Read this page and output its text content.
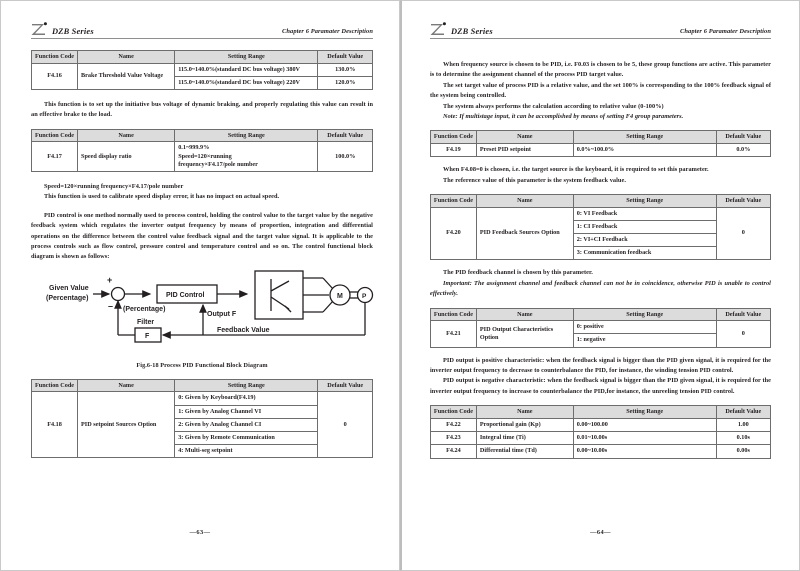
DZB Series	Chapter 6 Paramater Description
Function Code	Name	Setting Range	Default Value
F4.16	Brake Threshold Value Voltage	115.0~140.0%(standard DC bus voltage) 380V	130.0%
		115.0~140.0%(standard DC bus voltage) 220V	120.0%

This function is to set up the initiative bus voltage of dynamic braking, and properly regulating this value can result in an effective brake to the load.

Function Code	Name	Setting Range	Default Value
F4.17	Speed display ratio	0.1~999.9%
Speed=120×running
frequency×F4.17/pole number	100.0%

Speed=120×running frequency×F4.17/pole number

This function is used to calibrate speed display error, it has no impact on actual speed.

PID control is one method normally used to process control, holding the control value to the target value by the negative feedback system which regulates the inverter output frequency by means of proportion, integration and differential operations on the difference between the control value feedback signal and the target value signal. It is applicable to the process controls such as flow control, pressure control and temperature control and so on. The control functional block diagram is shown as follows:

Given Value
(Percentage)
+
– (Percentage)
PID Control
Output F
Feedback Value
Filter
F
M	P
Fig.6-18 Process PID Functional Block Diagram
Function Code	Name	Setting Range	Default Value
F4.18	PID setpoint Sources Option	0: Given by Keyboard(F4.19)	0
		1: Given by Analog Channel VI	
		2: Given by Analog Channel CI	
		3: Given by Remote Communication	
		4: Multi-seg setpoint	
—63—
DZB Series	Chapter 6 Paramater Description

When frequency source is chosen to be PID, i.e. F0.03 is chosen to be 5, these group functions are active. This parameter is to determine the assignment channel of the process PID target value.

The set target value of process PID is a relative value, and the set 100% is corresponding to the 100% feedback signal of the system being controlled.

The system always performs the calculation according to relative value (0-100%)

Note: If multistage input, it can be accomplished by means of setting F4 group parameters.

Function Code	Name	Setting Range	Default Value
F4.19	Preset PID setpoint	0.0%~100.0%	0.0%

When F4.08=0 is chosen, i.e. the target source is the keyboard, it is required to set this parameter.

The reference value of this parameter is the system feedback value.

Function Code	Name	Setting Range	Default Value
F4.20	PID Feedback Sources Option	0: VI Feedback	0
		1: CI Feedback	
		2: VI+CI Feedback	
		3: Communication feedback	

The PID feedback channel is chosen by this parameter.

Important: The assignment channel and feedback channel can not be in coincidence, otherwise PID is unable to control effectively.

Function Code	Name	Setting Range	Default Value
F4.21	PID Output Characteristics Option	0: positive	0
		1: negative	

PID output is positive characteristic: when the feedback signal is bigger than the PID given signal, it is required for the inverter output frequency to decrease to counterbalance the PID, for instance, the winding tension PID control.

PID output is negative characteristic: when the feedback signal is bigger than the PID given signal, it is required for the inverter output frequency to increase to counterbalance the PID,for instance, the unreeling tension PID control.

Function Code	Name	Setting Range	Default Value
F4.22	Proportional gain (Kp)	0.00~100.00	1.00
F4.23	Integral time (Ti)	0.01~10.00s	0.10s
F4.24	Differential time (Td)	0.00~10.00s	0.00s
—64—
